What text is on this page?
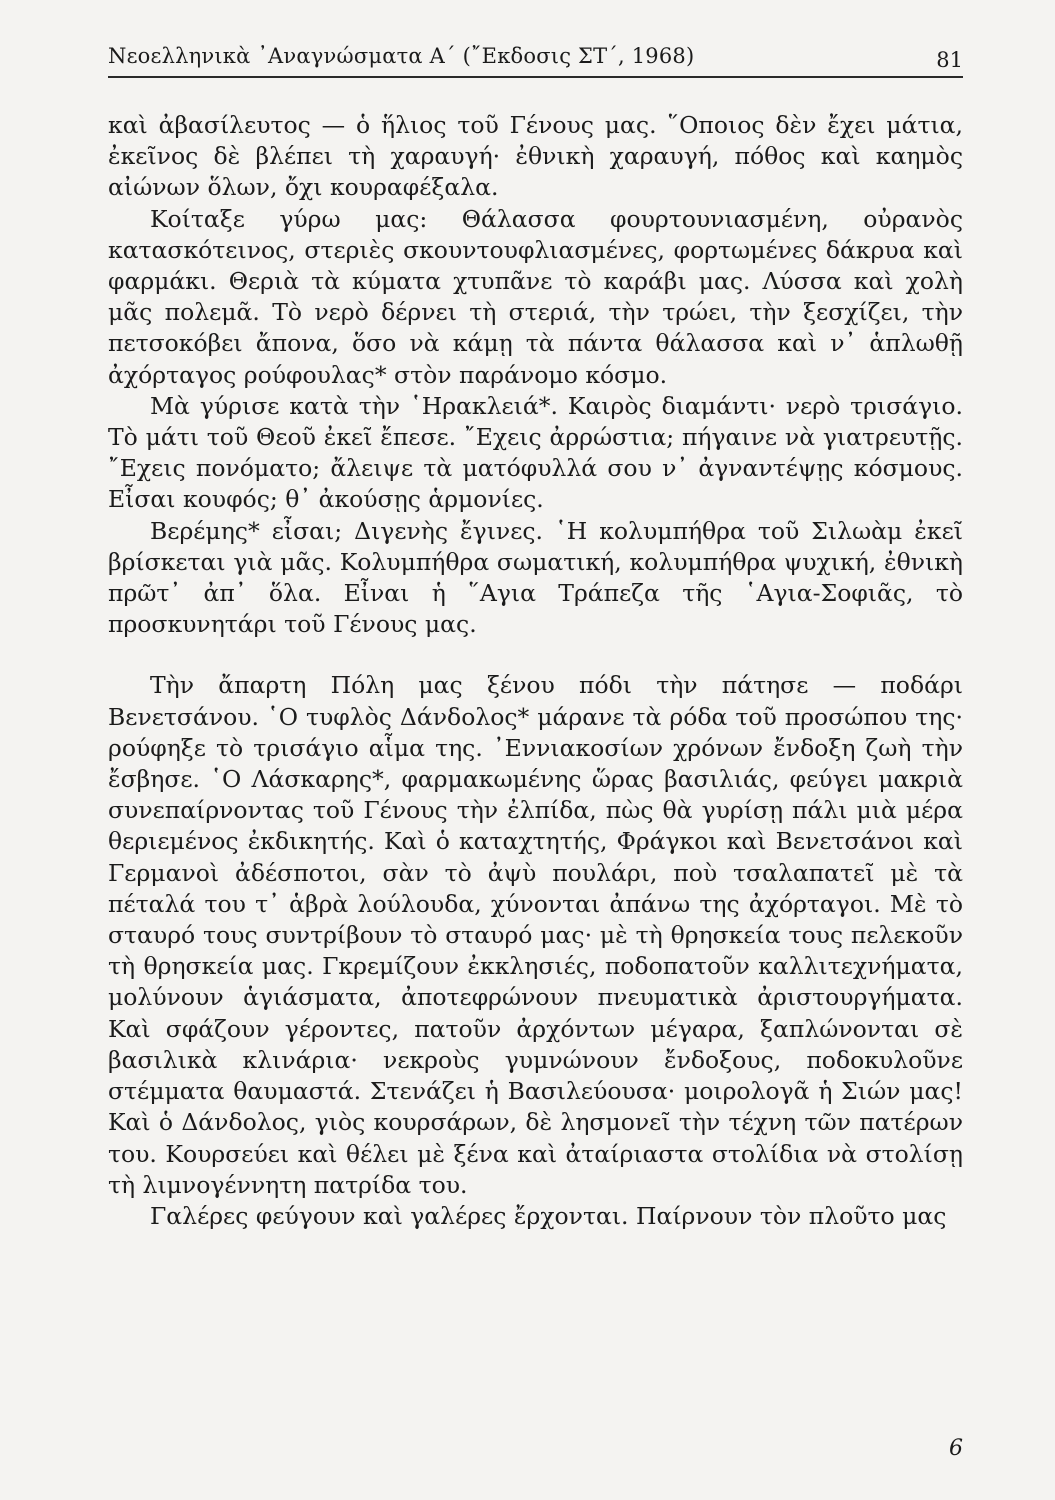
Νεοελληνικὰ ᾿Αναγνώσματα Α΄ (῎Εκδοσις ΣΤ΄, 1968)	81

καὶ ἀβασίλευτος — ὁ ἥλιος τοῦ Γένους μας. ῞Οποιος δὲν ἔχει μάτια, ἐκεῖνος δὲ βλέπει τὴ χαραυγή· ἐθνικὴ χαραυγή, πόθος καὶ καημὸς αἰώνων ὅλων, ὄχι κουραφέξαλα.

Κοίταξε γύρω μας: Θάλασσα φουρτουνιασμένη, οὐρανὸς κατασκότεινος, στεριὲς σκουντουφλιασμένες, φορτωμένες δάκρυα καὶ φαρμάκι. Θεριὰ τὰ κύματα χτυπᾶνε τὸ καράβι μας. Λύσσα καὶ χολὴ μᾶς πολεμᾶ. Τὸ νερὸ δέρνει τὴ στεριά, τὴν τρώει, τὴν ξεσχίζει, τὴν πετσοκόβει ἄπονα, ὅσο νὰ κάμῃ τὰ πάντα θάλασσα καὶ ν᾿ ἁπλωθῇ ἀχόρταγος ρούφουλας* στὸν παράνομο κόσμο.

Μὰ γύρισε κατὰ τὴν ῾Ηρακλειά*. Καιρὸς διαμάντι· νερὸ τρισάγιο. Τὸ μάτι τοῦ Θεοῦ ἐκεῖ ἔπεσε. ῎Εχεις ἀρρώστια; πήγαινε νὰ γιατρευτῇς. ῎Εχεις πονόματο; ἄλειψε τὰ ματόφυλλά σου ν᾿ ἀγναντέψῃς κόσμους. Εἶσαι κουφός; θ᾿ ἀκούσῃς ἁρμονίες.

Βερέμης* εἶσαι; Διγενὴς ἔγινες. ῾Η κολυμπήθρα τοῦ Σιλωὰμ ἐκεῖ βρίσκεται γιὰ μᾶς. Κολυμπήθρα σωματική, κολυμπήθρα ψυχική, ἐθνικὴ πρῶτ᾿ ἀπ᾿ ὅλα. Εἶναι ἡ ῞Αγια Τράπεζα τῆς ῾Αγια-Σοφιᾶς, τὸ προσκυνητάρι τοῦ Γένους μας.

Τὴν ἄπαρτη Πόλη μας ξένου πόδι τὴν πάτησε — ποδάρι Βενετσάνου. ῾Ο τυφλὸς Δάνδολος* μάρανε τὰ ρόδα τοῦ προσώπου της· ρούφηξε τὸ τρισάγιο αἷμα της. ᾿Εννιακοσίων χρόνων ἔνδοξη ζωὴ τὴν ἔσβησε. ῾Ο Λάσκαρης*, φαρμακωμένης ὥρας βασιλιάς, φεύγει μακριὰ συνεπαίρνοντας τοῦ Γένους τὴν ἐλπίδα, πὼς θὰ γυρίσῃ πάλι μιὰ μέρα θεριεμένος ἐκδικητής. Καὶ ὁ καταχτητής, Φράγκοι καὶ Βενετσάνοι καὶ Γερμανοὶ ἀδέσποτοι, σὰν τὸ ἀψὺ πουλάρι, ποὺ τσαλαπατεῖ μὲ τὰ πέταλά του τ᾿ ἁβρὰ λούλουδα, χύνονται ἀπάνω της ἀχόρταγοι. Μὲ τὸ σταυρό τους συντρίβουν τὸ σταυρό μας· μὲ τὴ θρησκεία τους πελεκοῦν τὴ θρησκεία μας. Γκρεμίζουν ἐκκλησιές, ποδοπατοῦν καλλιτεχνήματα, μολύνουν ἁγιάσματα, ἀποτεφρώνουν πνευματικὰ ἀριστουργήματα. Καὶ σφάζουν γέροντες, πατοῦν ἀρχόντων μέγαρα, ξαπλώνονται σὲ βασιλικὰ κλινάρια· νεκροὺς γυμνώνουν ἔνδοξους, ποδοκυλοῦνε στέμματα θαυμαστά. Στενάζει ἡ Βασιλεύουσα· μοιρολογᾶ ἡ Σιών μας! Καὶ ὁ Δάνδολος, γιὸς κουρσάρων, δὲ λησμονεῖ τὴν τέχνη τῶν πατέρων του. Κουρσεύει καὶ θέλει μὲ ξένα καὶ ἀταίριαστα στολίδια νὰ στολίσῃ τὴ λιμνογέννητη πατρίδα του.

Γαλέρες φεύγουν καὶ γαλέρες ἔρχονται. Παίρνουν τὸν πλοῦτο μας

6
